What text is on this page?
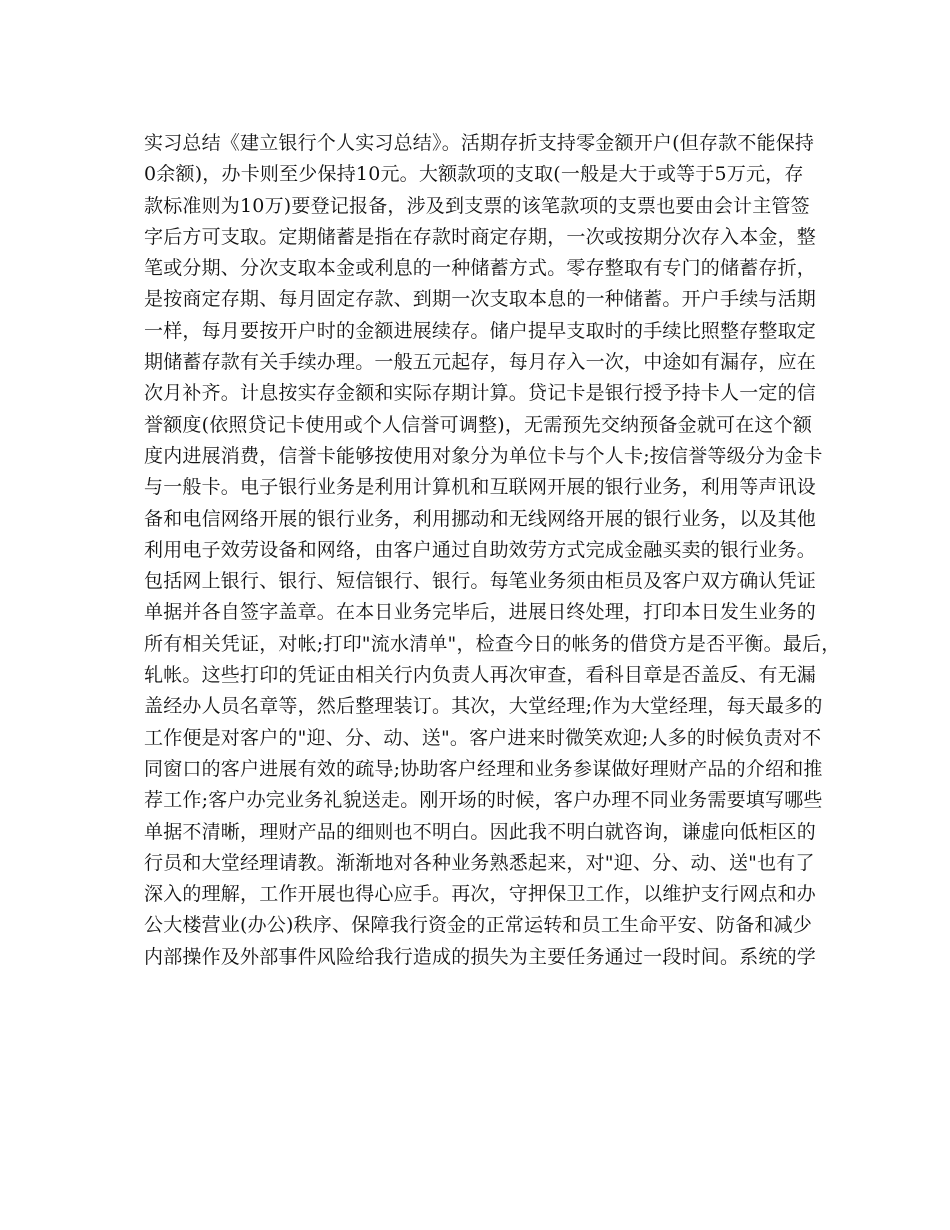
实习总结《建立银行个人实习总结》。活期存折支持零金额开户(但存款不能保持
0余额)，办卡则至少保持10元。大额款项的支取(一般是大于或等于5万元，存
款标准则为10万)要登记报备，涉及到支票的该笔款项的支票也要由会计主管签
字后方可支取。定期储蓄是指在存款时商定存期，一次或按期分次存入本金，整
笔或分期、分次支取本金或利息的一种储蓄方式。零存整取有专门的储蓄存折，
是按商定存期、每月固定存款、到期一次支取本息的一种储蓄。开户手续与活期
一样，每月要按开户时的金额进展续存。储户提早支取时的手续比照整存整取定
期储蓄存款有关手续办理。一般五元起存，每月存入一次，中途如有漏存，应在
次月补齐。计息按实存金额和实际存期计算。贷记卡是银行授予持卡人一定的信
誉额度(依照贷记卡使用或个人信誉可调整)，无需预先交纳预备金就可在这个额
度内进展消费，信誉卡能够按使用对象分为单位卡与个人卡;按信誉等级分为金卡
与一般卡。电子银行业务是利用计算机和互联网开展的银行业务，利用等声讯设
备和电信网络开展的银行业务，利用挪动和无线网络开展的银行业务，以及其他
利用电子效劳设备和网络，由客户通过自助效劳方式完成金融买卖的银行业务。
包括网上银行、银行、短信银行、银行。每笔业务须由柜员及客户双方确认凭证
单据并各自签字盖章。在本日业务完毕后，进展日终处理，打印本日发生业务的
所有相关凭证，对帐;打印"流水清单"，检查今日的帐务的借贷方是否平衡。最后，
轧帐。这些打印的凭证由相关行内负责人再次审查，看科目章是否盖反、有无漏
盖经办人员名章等，然后整理装订。其次，大堂经理;作为大堂经理，每天最多的
工作便是对客户的"迎、分、动、送"。客户进来时微笑欢迎;人多的时候负责对不
同窗口的客户进展有效的疏导;协助客户经理和业务参谋做好理财产品的介绍和推
荐工作;客户办完业务礼貌送走。刚开场的时候，客户办理不同业务需要填写哪些
单据不清晰，理财产品的细则也不明白。因此我不明白就咨询，谦虚向低柜区的
行员和大堂经理请教。渐渐地对各种业务熟悉起来，对"迎、分、动、送"也有了
深入的理解，工作开展也得心应手。再次，守押保卫工作，以维护支行网点和办
公大楼营业(办公)秩序、保障我行资金的正常运转和员工生命平安、防备和减少
内部操作及外部事件风险给我行造成的损失为主要任务通过一段时间。系统的学
